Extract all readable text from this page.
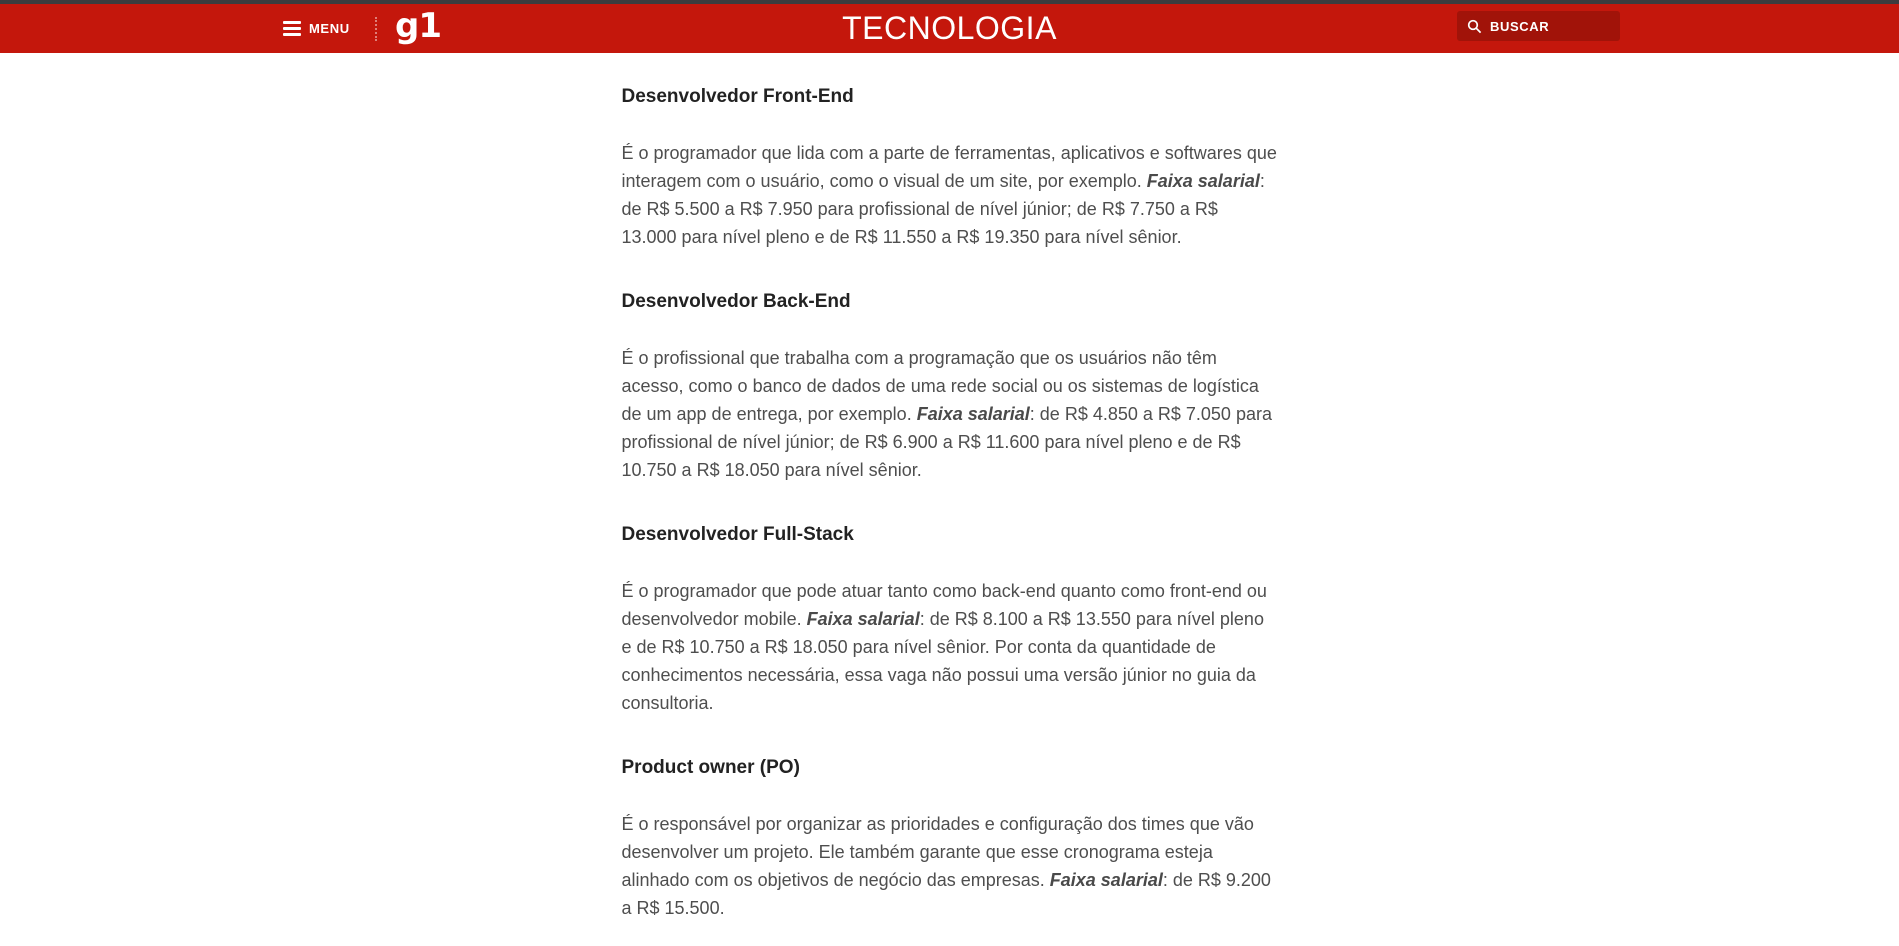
MENU g1	TECNOLOGIA	BUSCAR
Desenvolvedor Front-End

É o programador que lida com a parte de ferramentas, aplicativos e softwares que interagem com o usuário, como o visual de um site, por exemplo. Faixa salarial: de R$ 5.500 a R$ 7.950 para profissional de nível júnior; de R$ 7.750 a R$ 13.000 para nível pleno e de R$ 11.550 a R$ 19.350 para nível sênior.

Desenvolvedor Back-End

É o profissional que trabalha com a programação que os usuários não têm acesso, como o banco de dados de uma rede social ou os sistemas de logística de um app de entrega, por exemplo. Faixa salarial: de R$ 4.850 a R$ 7.050 para profissional de nível júnior; de R$ 6.900 a R$ 11.600 para nível pleno e de R$ 10.750 a R$ 18.050 para nível sênior.

Desenvolvedor Full-Stack

É o programador que pode atuar tanto como back-end quanto como front-end ou desenvolvedor mobile. Faixa salarial: de R$ 8.100 a R$ 13.550 para nível pleno e de R$ 10.750 a R$ 18.050 para nível sênior. Por conta da quantidade de conhecimentos necessária, essa vaga não possui uma versão júnior no guia da consultoria.

Product owner (PO)

É o responsável por organizar as prioridades e configuração dos times que vão desenvolver um projeto. Ele também garante que esse cronograma esteja alinhado com os objetivos de negócio das empresas. Faixa salarial: de R$ 9.200 a R$ 15.500.
